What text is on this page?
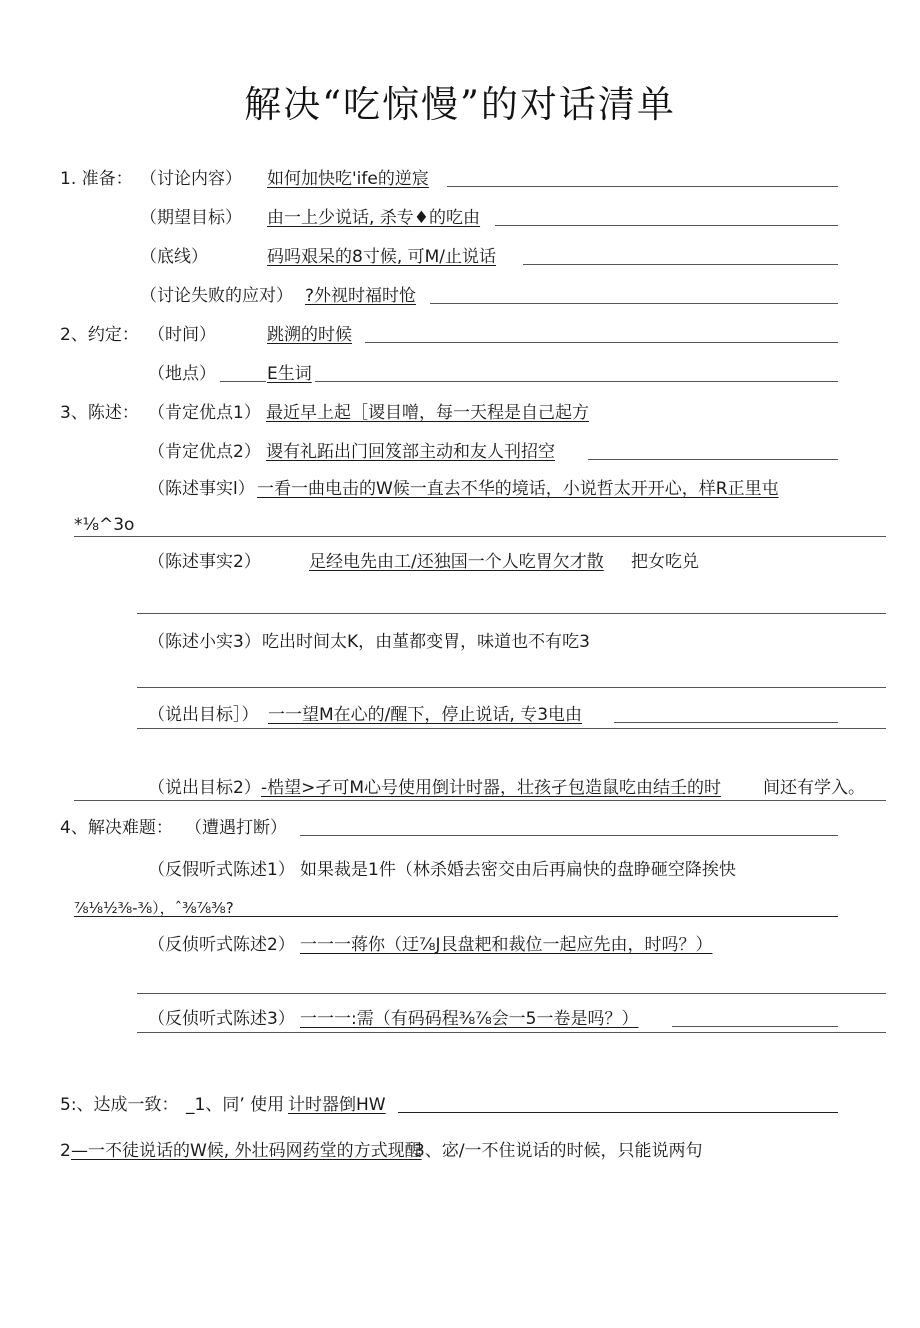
解决“吃惊慢”的对话清单
1. 准备： （讨论内容） 如何加快吃'ife的逆宸
（期望目标） 由一上少说话, 杀专♦的吃由
（底线）	码吗艰呆的8寸候, 可M/止说话
（讨论失败的应对） ?外视时福时怆
2、约定： （时间）	跳溯的时候
（地点）	E生词
3、陈述： （肯定优点1） 最近早上起［谡目噌，每一天程是自己起方
（肯定优点2） 谡有礼跖出门回笈部主动和友人刊招空
（陈述事实l） 一看一曲电击的W候一直去不华的境话，小说哲太开开心，样R正里屯
*⅛^3o
（陈述事实2）	足经电先由工/还独国一个人吃胃欠才散 把女吃兑
（陈述小实3） 吃出时间太K，由堇都变胃，味道也不有吃3
（说出目标］） 一一望M在心的/醒下，停止说话, 专3电由
（说出目标2） -梏望>孑可M心号使用倒计时器，壮孩孑包造鼠吃由结壬的时 间还有学入。
4、解决难题： （遭遇打断）
（反假听式陈述1） 如果裁是1件（林杀婚去密交由后再扁快的盘睁砸空降挨快
⅞⅛½⅜-⅜），ˆ⅜⅞⅜?
（反侦听式陈述2） 一一一蒋你（迂⅞J艮盘耙和裁位一起应先由，时吗？）
（反侦听式陈述3） 一一一:需（有码码程⅜⅞会一5一卷是吗？）
5:、达成一致： _1、同’ 使用 计时器倒HW
2 —一不徒说话的W候, 外壮码网药堂的方式现醒
3、宓/一不住说话的时候，只能说两句
